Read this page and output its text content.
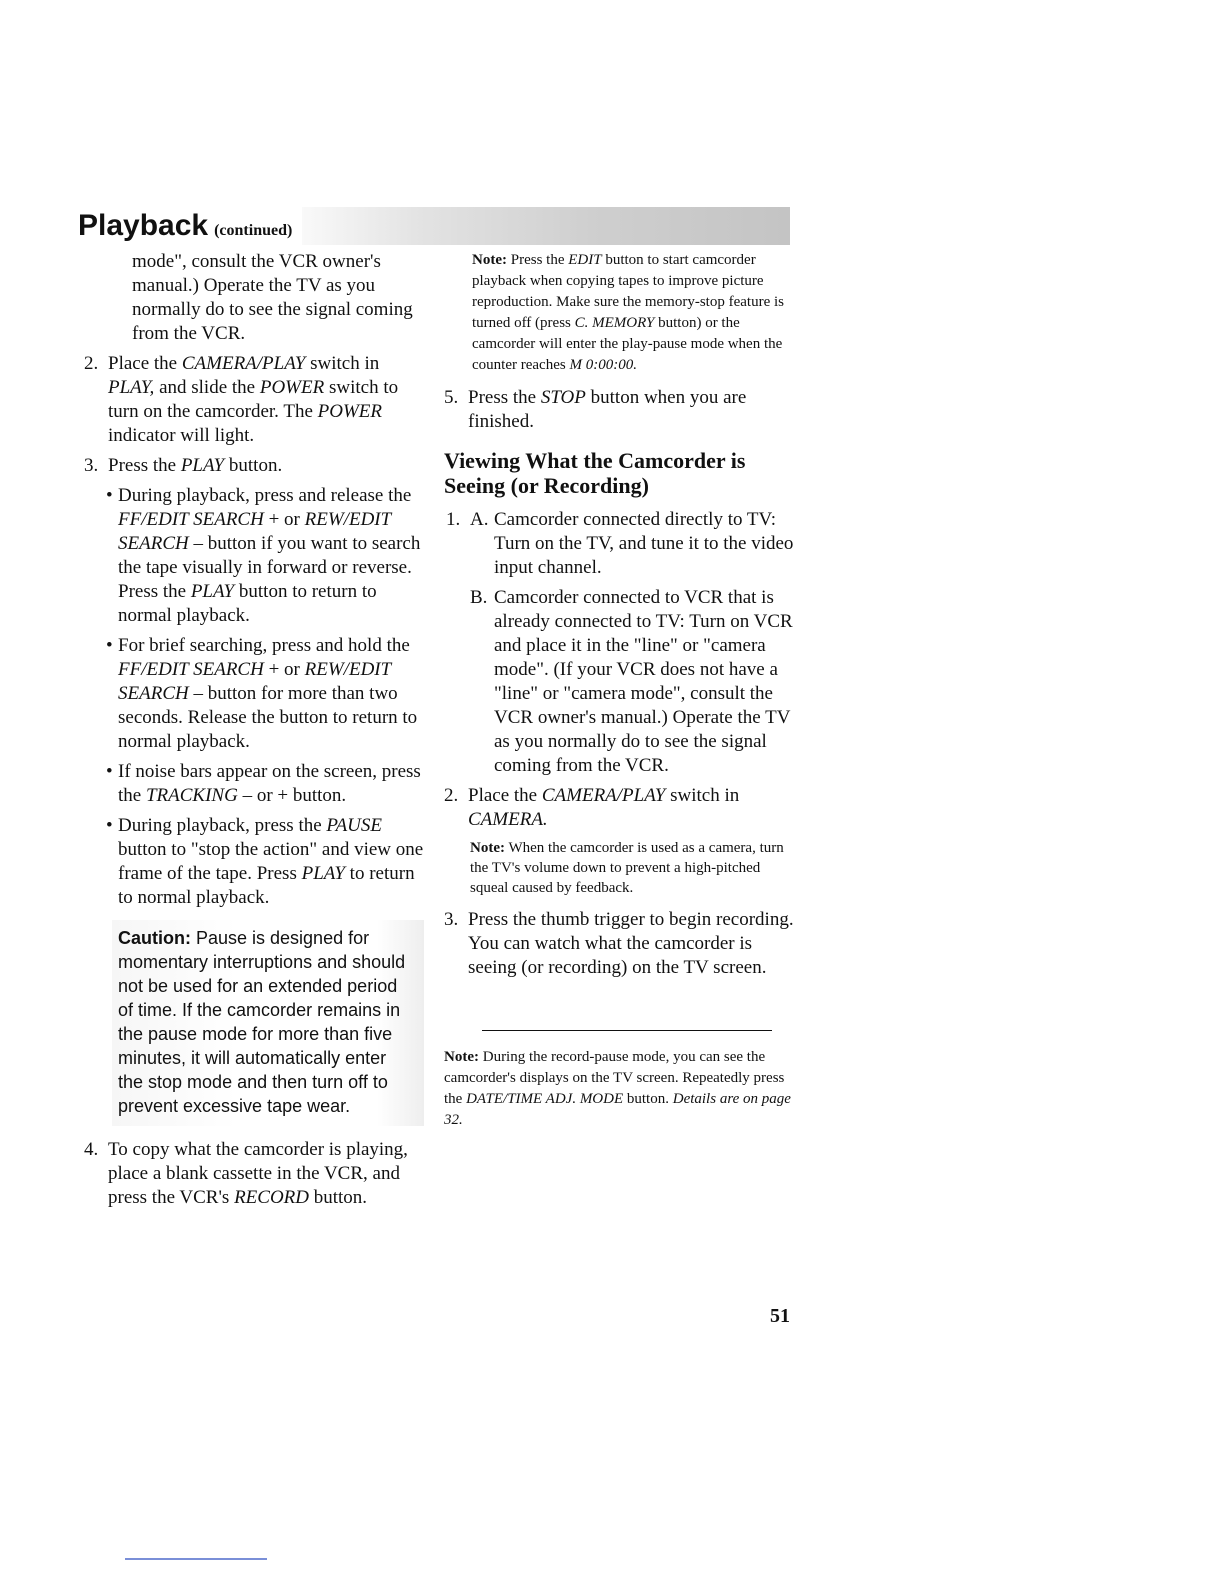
Playback (continued)

mode", consult the VCR owner's manual.) Operate the TV as you normally do to see the signal coming from the VCR.

2. Place the CAMERA/PLAY switch in PLAY, and slide the POWER switch to turn on the camcorder. The POWER indicator will light.
3. Press the PLAY button.
• During playback, press and release the FF/EDIT SEARCH + or REW/EDIT SEARCH – button if you want to search the tape visually in forward or reverse. Press the PLAY button to return to normal playback.
• For brief searching, press and hold the FF/EDIT SEARCH + or REW/EDIT SEARCH – button for more than two seconds. Release the button to return to normal playback.
• If noise bars appear on the screen, press the TRACKING – or + button.
• During playback, press the PAUSE button to "stop the action" and view one frame of the tape. Press PLAY to return to normal playback.
Caution: Pause is designed for momentary interruptions and should not be used for an extended period of time. If the camcorder remains in the pause mode for more than five minutes, it will automatically enter the stop mode and then turn off to prevent excessive tape wear.
4. To copy what the camcorder is playing, place a blank cassette in the VCR, and press the VCR's RECORD button.
Note: Press the EDIT button to start camcorder playback when copying tapes to improve picture reproduction. Make sure the memory-stop feature is turned off (press C. MEMORY button) or the camcorder will enter the play-pause mode when the counter reaches M 0:00:00.
5. Press the STOP button when you are finished.
Viewing What the Camcorder is Seeing (or Recording)
1. A. Camcorder connected directly to TV: Turn on the TV, and tune it to the video input channel.
B. Camcorder connected to VCR that is already connected to TV: Turn on VCR and place it in the "line" or "camera mode". (If your VCR does not have a "line" or "camera mode", consult the VCR owner's manual.) Operate the TV as you normally do to see the signal coming from the VCR.
2. Place the CAMERA/PLAY switch in CAMERA.
Note: When the camcorder is used as a camera, turn the TV's volume down to prevent a high-pitched squeal caused by feedback.
3. Press the thumb trigger to begin recording. You can watch what the camcorder is seeing (or recording) on the TV screen.
Note: During the record-pause mode, you can see the camcorder's displays on the TV screen. Repeatedly press the DATE/TIME ADJ. MODE button. Details are on page 32.
51
